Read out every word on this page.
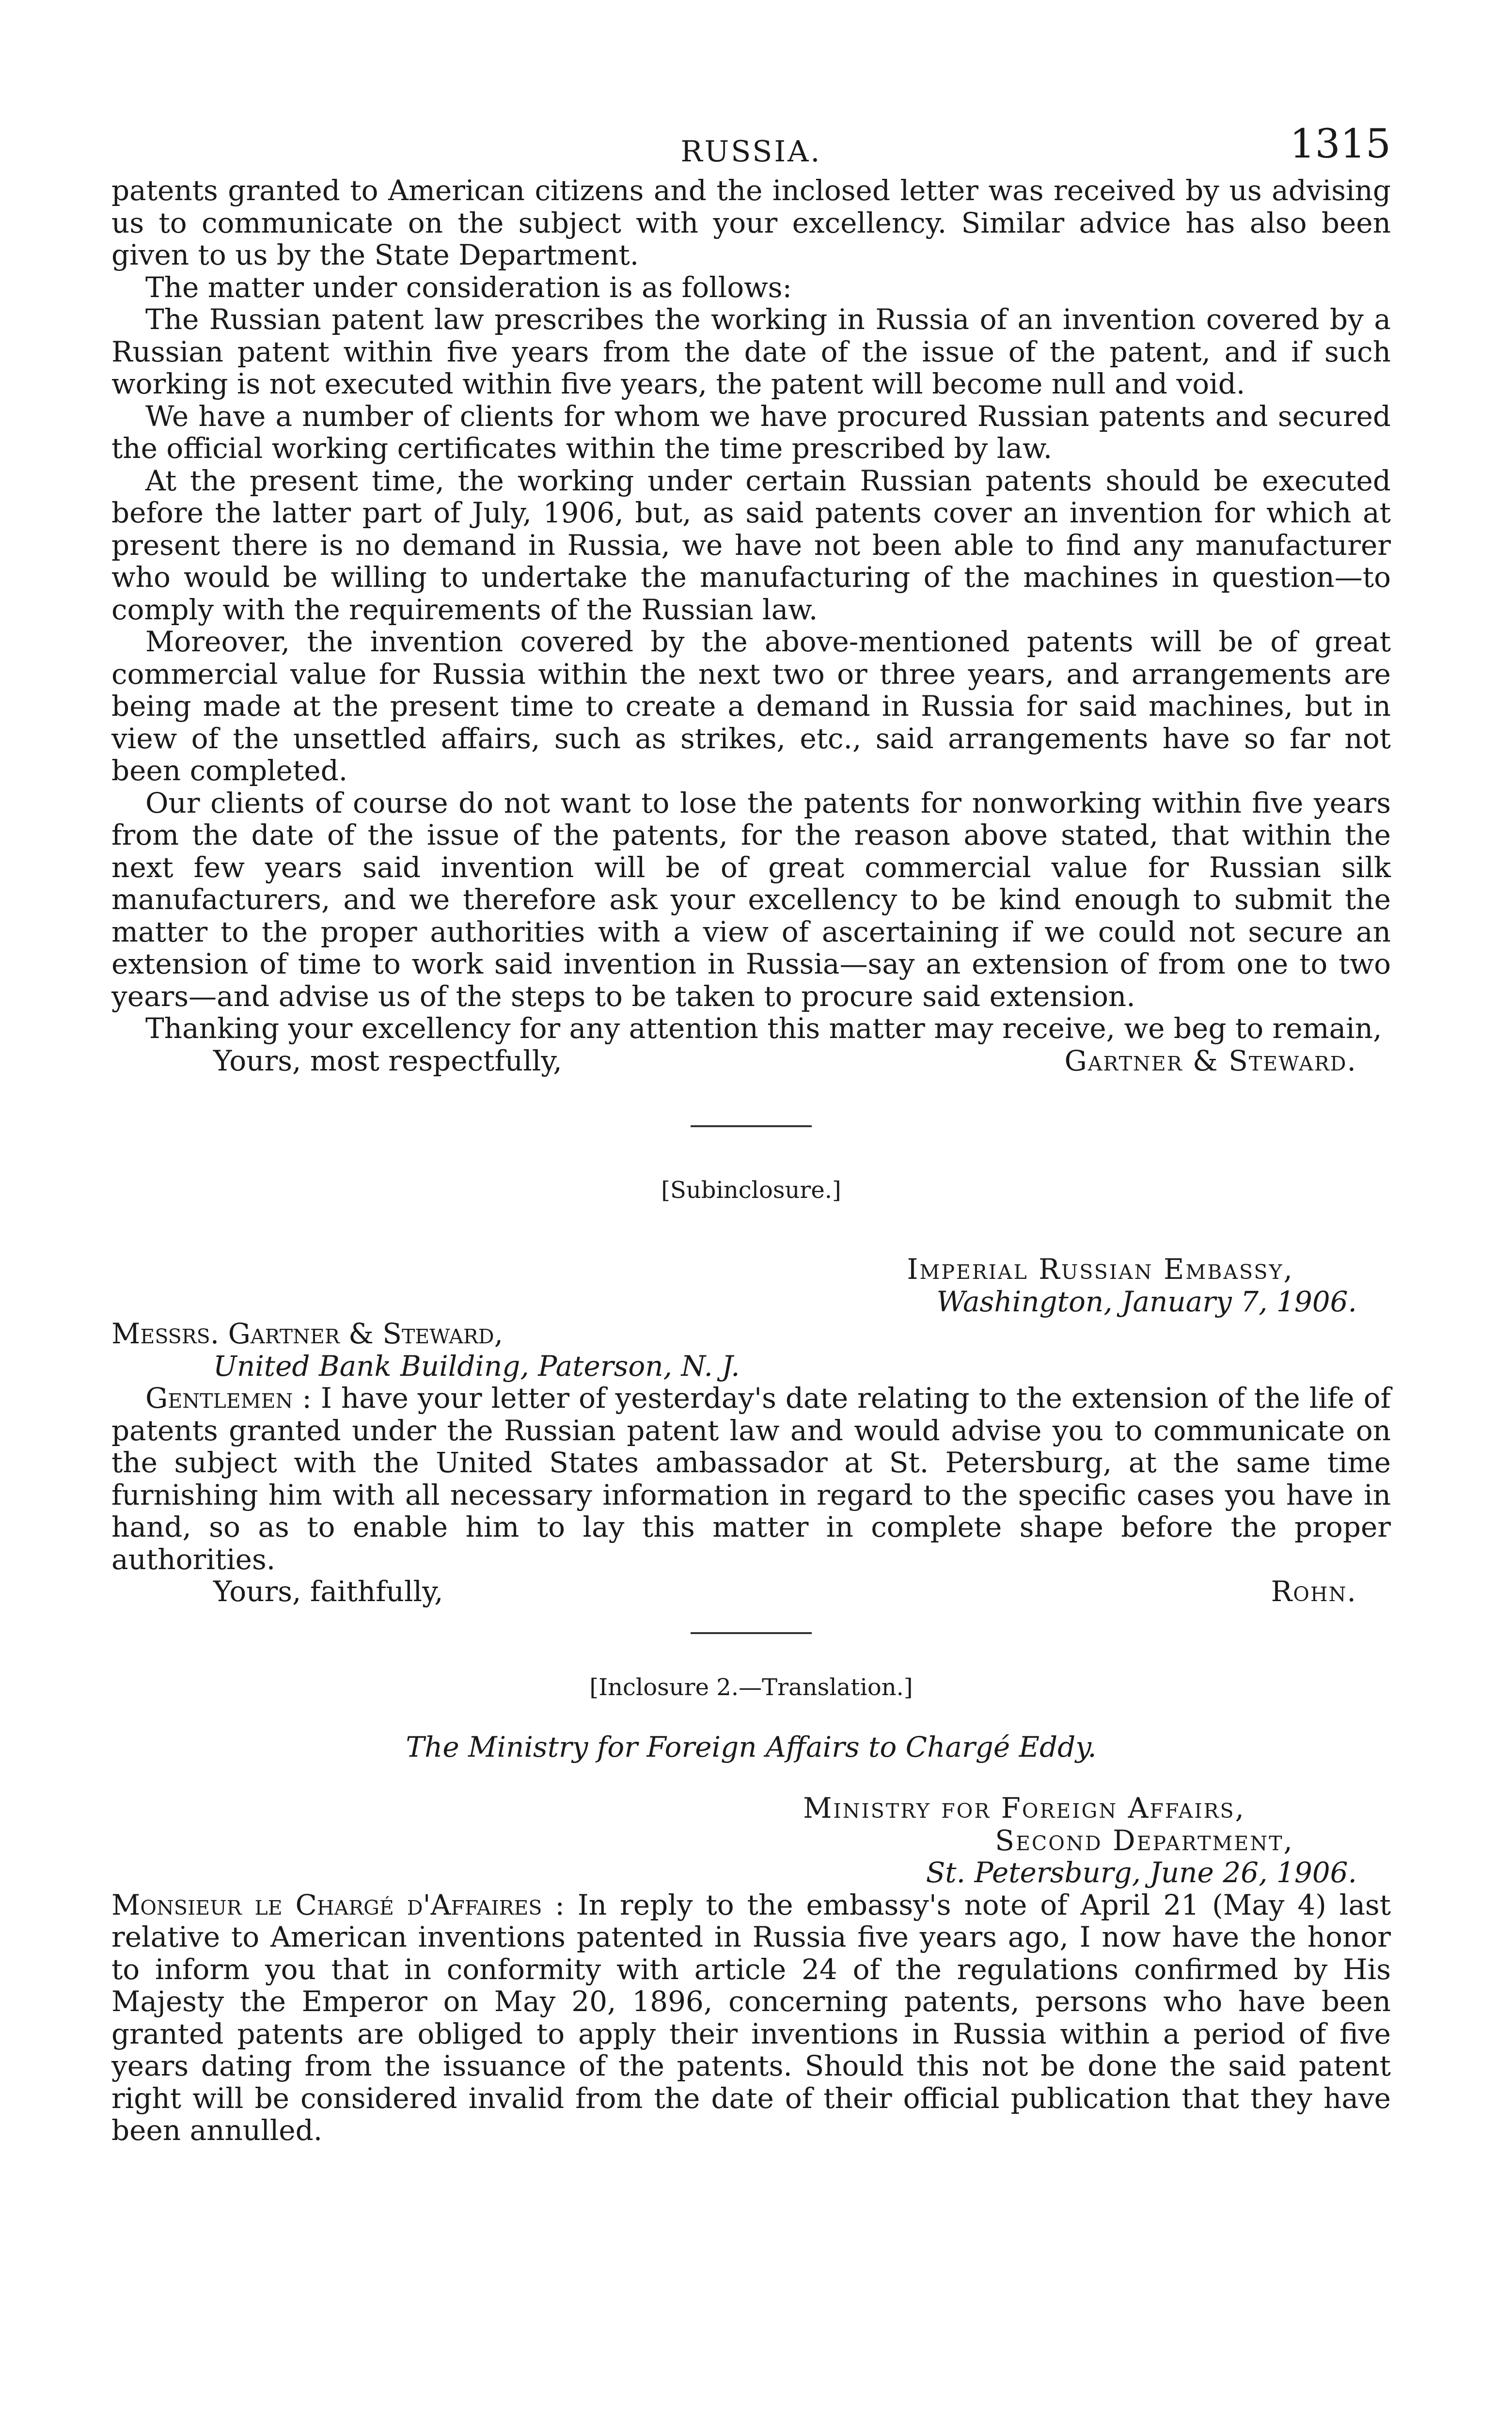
RUSSIA.	1315

patents granted to American citizens and the inclosed letter was received by us advising us to communicate on the subject with your excellency. Similar advice has also been given to us by the State Department.

The matter under consideration is as follows:

The Russian patent law prescribes the working in Russia of an invention covered by a Russian patent within five years from the date of the issue of the patent, and if such working is not executed within five years, the patent will become null and void.

We have a number of clients for whom we have procured Russian patents and secured the official working certificates within the time prescribed by law.

At the present time, the working under certain Russian patents should be executed before the latter part of July, 1906, but, as said patents cover an invention for which at present there is no demand in Russia, we have not been able to find any manufacturer who would be willing to undertake the manufacturing of the machines in question—to comply with the requirements of the Russian law.

Moreover, the invention covered by the above-mentioned patents will be of great commercial value for Russia within the next two or three years, and arrangements are being made at the present time to create a demand in Russia for said machines, but in view of the unsettled affairs, such as strikes, etc., said arrangements have so far not been completed.

Our clients of course do not want to lose the patents for nonworking within five years from the date of the issue of the patents, for the reason above stated, that within the next few years said invention will be of great commercial value for Russian silk manufacturers, and we therefore ask your excellency to be kind enough to submit the matter to the proper authorities with a view of ascertaining if we could not secure an extension of time to work said invention in Russia—say an extension of from one to two years—and advise us of the steps to be taken to procure said extension.

Thanking your excellency for any attention this matter may receive, we beg to remain,

Yours, most respectfully,	Gartner & Steward.
[Subinclosure.]
Imperial Russian Embassy,
Washington, January 7, 1906.
Messrs. Gartner & Steward,
United Bank Building, Paterson, N. J.

Gentlemen : I have your letter of yesterday's date relating to the extension of the life of patents granted under the Russian patent law and would advise you to communicate on the subject with the United States ambassador at St. Petersburg, at the same time furnishing him with all necessary information in regard to the specific cases you have in hand, so as to enable him to lay this matter in complete shape before the proper authorities.

Yours, faithfully,	Rohn.
[Inclosure 2.—Translation.]
The Ministry for Foreign Affairs to Chargé Eddy.
Ministry for Foreign Affairs,
Second Department,
St. Petersburg, June 26, 1906.

Monsieur le Chargé d'Affaires : In reply to the embassy's note of April 21 (May 4) last relative to American inventions patented in Russia five years ago, I now have the honor to inform you that in conformity with article 24 of the regulations confirmed by His Majesty the Emperor on May 20, 1896, concerning patents, persons who have been granted patents are obliged to apply their inventions in Russia within a period of five years dating from the issuance of the patents. Should this not be done the said patent right will be considered invalid from the date of their official publication that they have been annulled.
